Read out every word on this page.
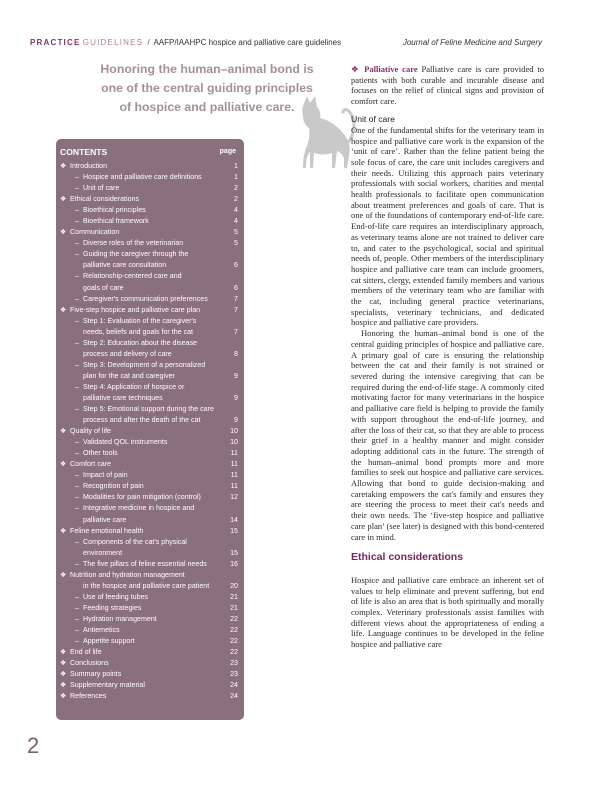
PRACTICE GUIDELINES / AAFP/IAAHPC hospice and palliative care guidelines	Journal of Feline Medicine and Surgery
Honoring the human–animal bond is one of the central guiding principles of hospice and palliative care.
CONTENTS	page
❖ Introduction	1
– Hospice and palliative care definitions	1
– Unit of care	2
❖ Ethical considerations	2
– Bioethical principles	4
– Bioethical framework	4
❖ Communication	5
– Diverse roles of the veterinarian	5
– Guiding the caregiver through the
palliative care consultation	6
– Relationship-centered care and
goals of care	6
– Caregiver's communication preferences	7
❖ Five-step hospice and palliative care plan	7
– Step 1: Evaluation of the caregiver's
needs, beliefs and goals for the cat	7
– Step 2: Education about the disease
process and delivery of care	8
– Step 3: Development of a personalized
plan for the cat and caregiver	9
– Step 4: Application of hospice or
palliative care techniques	9
– Step 5: Emotional support during the care
process and after the death of the cat	9
❖ Quality of life	10
– Validated QOL instruments	10
– Other tools	11
❖ Comfort care	11
– Impact of pain	11
– Recognition of pain	11
– Modalities for pain mitigation (control)	12
– Integrative medicine in hospice and
palliative care	14
❖ Feline emotional health	15
– Components of the cat's physical
environment	15
– The five pillars of feline essential needs	16
❖ Nutrition and hydration management
in the hospice and palliative care patient	20
– Use of feeding tubes	21
– Feeding strategies	21
– Hydration management	22
– Antiemetics	22
– Appetite support	22
❖ End of life	22
❖ Conclusions	23
❖ Summary points	23
❖ Supplementary material	24
❖ References	24
2

❖ Palliative care Palliative care is care provided to patients with both curable and incurable disease and focuses on the relief of clinical signs and provision of comfort care.

Unit of care

One of the fundamental shifts for the veterinary team in hospice and palliative care work is the expansion of the ‘unit of care’. Rather than the feline patient being the sole focus of care, the care unit includes caregivers and their needs. Utilizing this approach pairs veterinary professionals with social workers, charities and mental health professionals to facilitate open communication about treatment preferences and goals of care. That is one of the foundations of contemporary end-of-life care. End-of-life care requires an interdisciplinary approach, as veterinary teams alone are not trained to deliver care to, and cater to the psychological, social and spiritual needs of, people. Other members of the interdisciplinary hospice and palliative care team can include groomers, cat sitters, clergy, extended family members and various members of the veterinary team who are familiar with the cat, including general practice veterinarians, specialists, veterinary technicians, and dedicated hospice and palliative care providers.

Honoring the human–animal bond is one of the central guiding principles of hospice and palliative care. A primary goal of care is ensuring the relationship between the cat and their family is not strained or severed during the intensive caregiving that can be required during the end-of-life stage. A commonly cited motivating factor for many veterinarians in the hospice and palliative care field is helping to provide the family with support throughout the end-of-life journey, and after the loss of their cat, so that they are able to process their grief in a healthy manner and might consider adopting additional cats in the future. The strength of the human–animal bond prompts more and more families to seek out hospice and palliative care services. Allowing that bond to guide decision-making and caretaking empowers the cat's family and ensures they are steering the process to meet their cat's needs and their own needs. The ‘five-step hospice and palliative care plan’ (see later) is designed with this bond-centered care in mind.

Ethical considerations

Hospice and palliative care embrace an inherent set of values to help eliminate and prevent suffering, but end of life is also an area that is both spiritually and morally complex. Veterinary professionals assist families with different views about the appropriateness of ending a life. Language continues to be developed in the feline hospice and palliative care
